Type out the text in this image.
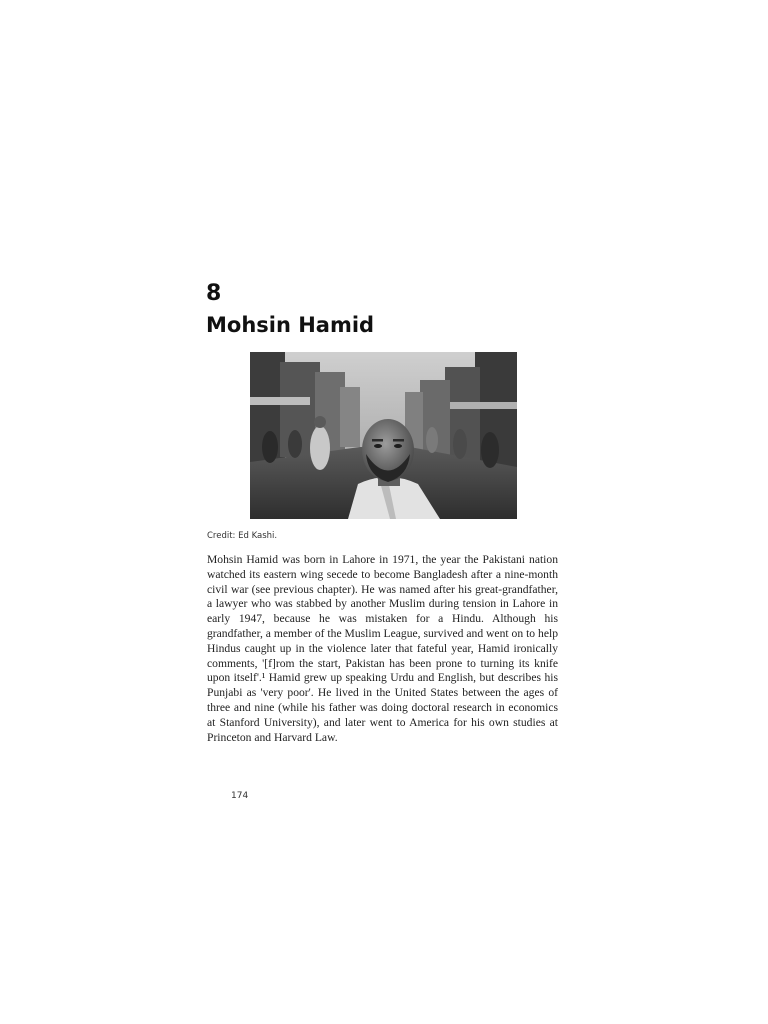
8
Mohsin Hamid
Credit: Ed Kashi.

Mohsin Hamid was born in Lahore in 1971, the year the Pakistani nation watched its eastern wing secede to become Bangladesh after a nine-month civil war (see previous chapter). He was named after his great-grandfather, a lawyer who was stabbed by another Muslim during tension in Lahore in early 1947, because he was mistaken for a Hindu. Although his grandfather, a member of the Muslim League, survived and went on to help Hindus caught up in the violence later that fateful year, Hamid ironically comments, '[f]rom the start, Pakistan has been prone to turning its knife upon itself'.¹ Hamid grew up speaking Urdu and English, but describes his Punjabi as 'very poor'. He lived in the United States between the ages of three and nine (while his father was doing doctoral research in economics at Stanford University), and later went to America for his own studies at Princeton and Harvard Law.

174
